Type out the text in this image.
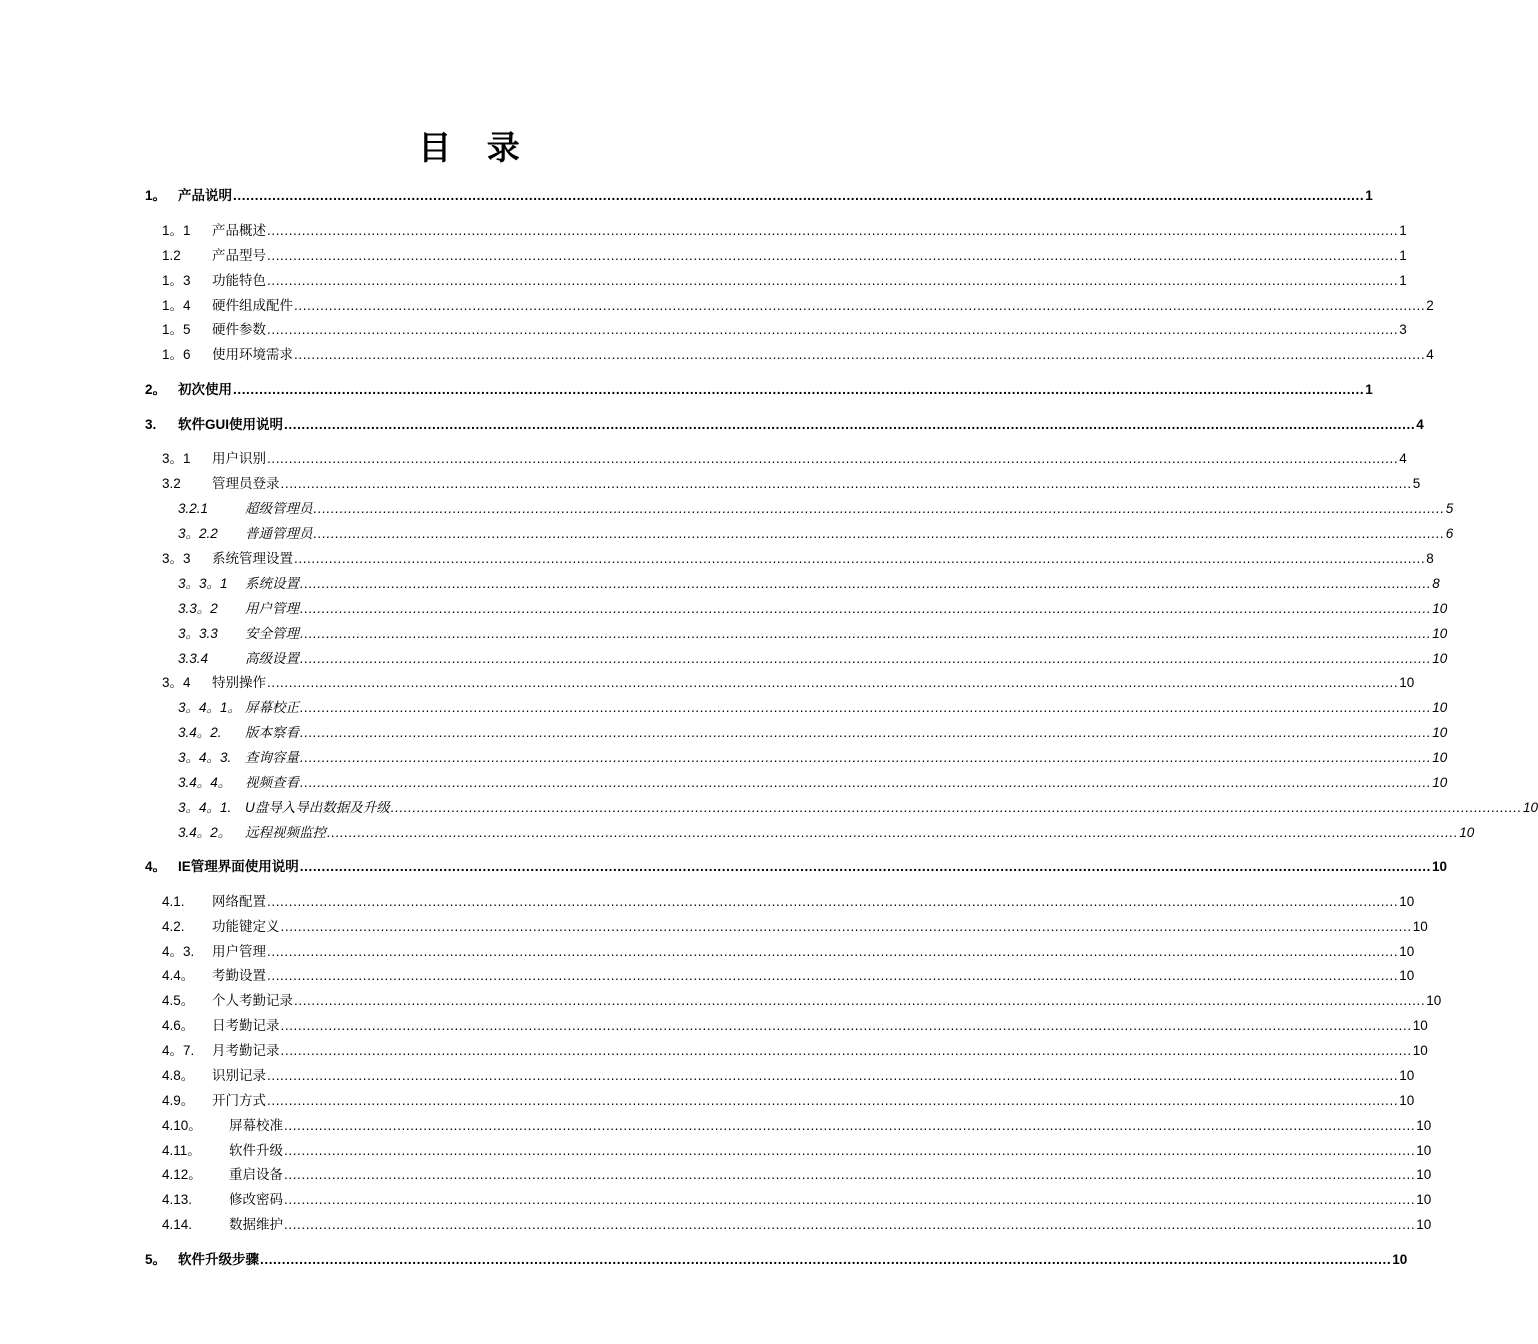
目 录
1。 产品说明 .................................................................................................................................................................................................................................................................... 1
1。1	产品概述 .................................................................................................................................................................................................................................................................... 1
1.2	产品型号 .................................................................................................................................................................................................................................................................... 1
1。3	功能特色 .................................................................................................................................................................................................................................................................... 1
1。4	硬件组成配件 .................................................................................................................................................................................................................................................................... 2
1。5	硬件参数 .................................................................................................................................................................................................................................................................... 3
1。6	使用环境需求 .................................................................................................................................................................................................................................................................... 4
2。 初次使用 .................................................................................................................................................................................................................................................................... 1
3.	软件GUI使用说明 .................................................................................................................................................................................................................................................................... 4
3。1	用户识别 .................................................................................................................................................................................................................................................................... 4
3.2	管理员登录 .................................................................................................................................................................................................................................................................... 5
3.2.1	超级管理员 .................................................................................................................................................................................................................................................................... 5
3。2.2	普通管理员 .................................................................................................................................................................................................................................................................... 6
3。3	系统管理设置 .................................................................................................................................................................................................................................................................... 8
3。3。1	系统设置 .................................................................................................................................................................................................................................................................... 8
3.3。2	用户管理 .................................................................................................................................................................................................................................................................... 10
3。3.3	安全管理 .................................................................................................................................................................................................................................................................... 10
3.3.4	高级设置 .................................................................................................................................................................................................................................................................... 10
3。4	特别操作 .................................................................................................................................................................................................................................................................... 10
3。4。1。 屏幕校正 .................................................................................................................................................................................................................................................................... 10
3.4。2.	版本察看 .................................................................................................................................................................................................................................................................... 10
3。4。3.	查询容量 .................................................................................................................................................................................................................................................................... 10
3.4。4。	视频查看 .................................................................................................................................................................................................................................................................... 10
3。4。1.	U盘导入导出数据及升级 .................................................................................................................................................................................................................................................................... 10
3.4。2。	远程视频监控 .................................................................................................................................................................................................................................................................... 10
4。 IE管理界面使用说明 .................................................................................................................................................................................................................................................................... 10
4.1.	网络配置 .................................................................................................................................................................................................................................................................... 10
4.2.	功能键定义 .................................................................................................................................................................................................................................................................... 10
4。3.	用户管理 .................................................................................................................................................................................................................................................................... 10
4.4。	考勤设置 .................................................................................................................................................................................................................................................................... 10
4.5。	个人考勤记录 .................................................................................................................................................................................................................................................................... 10
4.6。	日考勤记录 .................................................................................................................................................................................................................................................................... 10
4。7.	月考勤记录 .................................................................................................................................................................................................................................................................... 10
4.8。	识别记录 .................................................................................................................................................................................................................................................................... 10
4.9。	开门方式 .................................................................................................................................................................................................................................................................... 10
4.10。	屏幕校准 .................................................................................................................................................................................................................................................................... 10
4.11。	软件升级 .................................................................................................................................................................................................................................................................... 10
4.12。	重启设备 .................................................................................................................................................................................................................................................................... 10
4.13.	修改密码 .................................................................................................................................................................................................................................................................... 10
4.14.	数据维护 .................................................................................................................................................................................................................................................................... 10
5。 软件升级步骤 .................................................................................................................................................................................................................................................................... 10
